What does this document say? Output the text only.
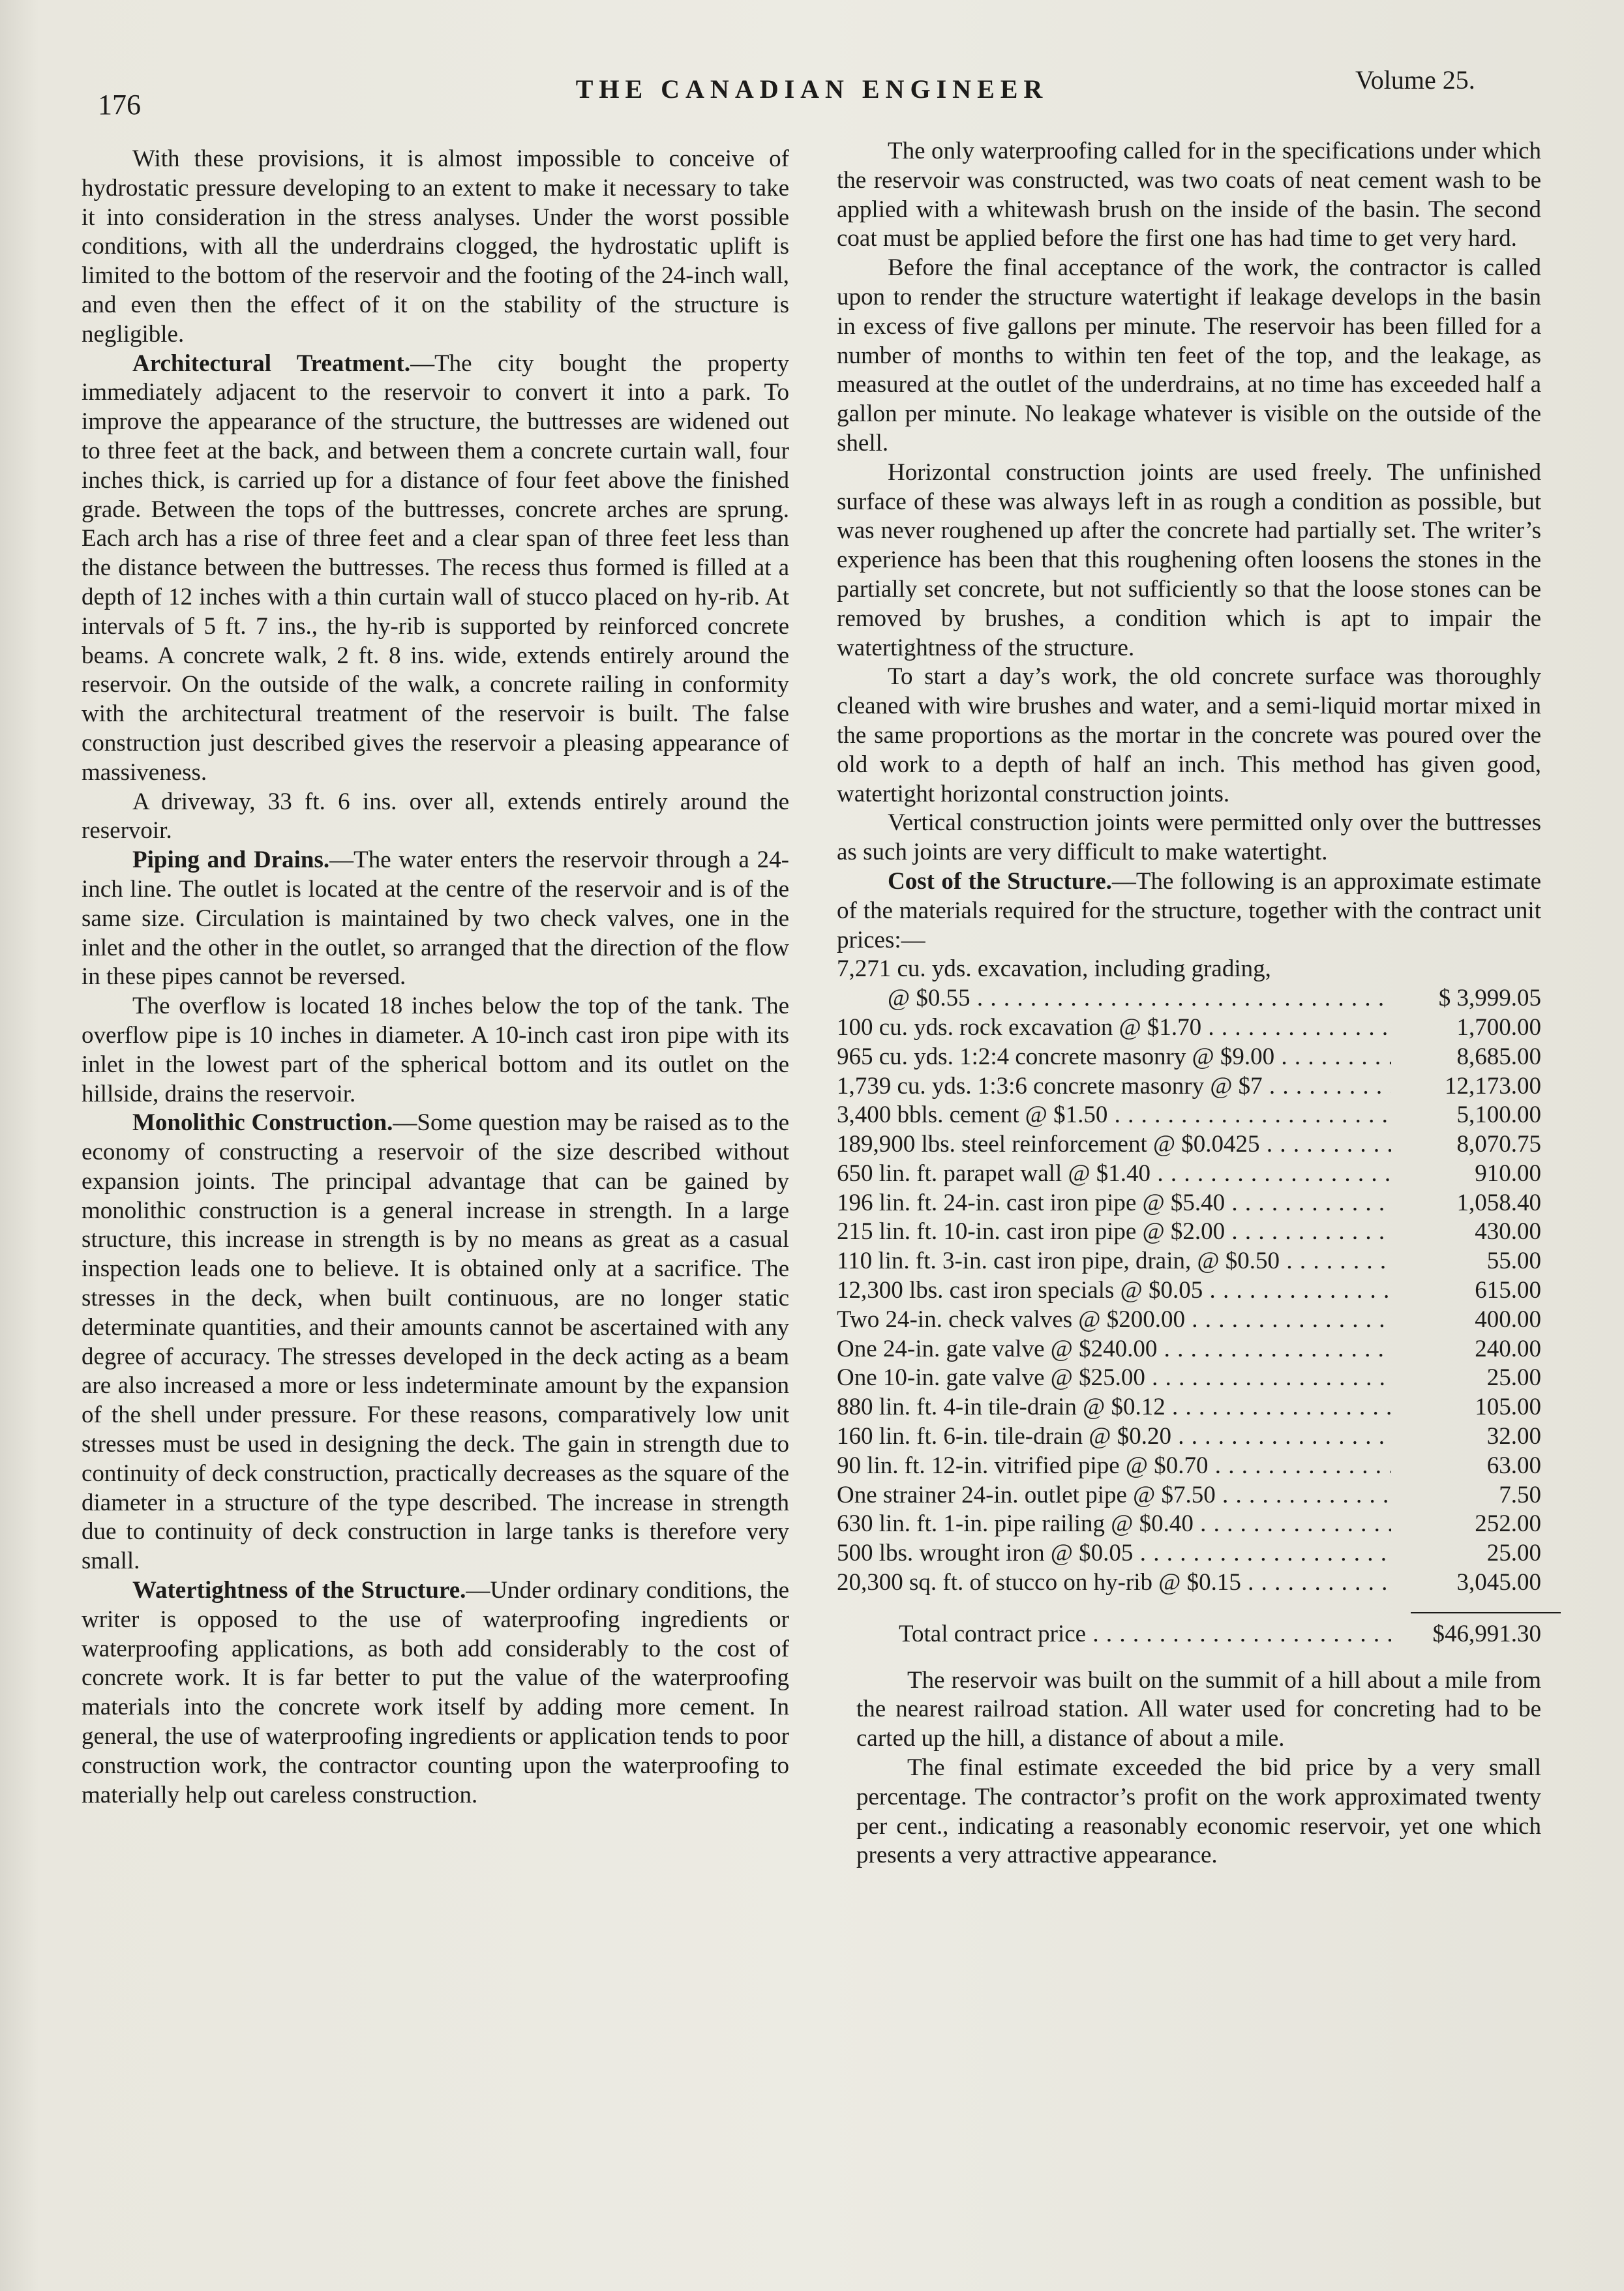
176	THE CANADIAN ENGINEER	Volume 25.

With these provisions, it is almost impossible to conceive of hydrostatic pressure developing to an extent to make it necessary to take it into consideration in the stress analyses. Under the worst possible conditions, with all the underdrains clogged, the hydrostatic uplift is limited to the bottom of the reservoir and the footing of the 24-inch wall, and even then the effect of it on the stability of the structure is negligible.

Architectural Treatment.—The city bought the property immediately adjacent to the reservoir to convert it into a park. To improve the appearance of the structure, the buttresses are widened out to three feet at the back, and between them a concrete curtain wall, four inches thick, is carried up for a distance of four feet above the finished grade. Between the tops of the buttresses, concrete arches are sprung. Each arch has a rise of three feet and a clear span of three feet less than the distance between the buttresses. The recess thus formed is filled at a depth of 12 inches with a thin curtain wall of stucco placed on hy-rib. At intervals of 5 ft. 7 ins., the hy-rib is supported by reinforced concrete beams. A concrete walk, 2 ft. 8 ins. wide, extends entirely around the reservoir. On the outside of the walk, a concrete railing in conformity with the architectural treatment of the reservoir is built. The false construction just described gives the reservoir a pleasing appearance of massiveness.

A driveway, 33 ft. 6 ins. over all, extends entirely around the reservoir.

Piping and Drains.—The water enters the reservoir through a 24-inch line. The outlet is located at the centre of the reservoir and is of the same size. Circulation is maintained by two check valves, one in the inlet and the other in the outlet, so arranged that the direction of the flow in these pipes cannot be reversed.

The overflow is located 18 inches below the top of the tank. The overflow pipe is 10 inches in diameter. A 10-inch cast iron pipe with its inlet in the lowest part of the spherical bottom and its outlet on the hillside, drains the reservoir.

Monolithic Construction.—Some question may be raised as to the economy of constructing a reservoir of the size described without expansion joints. The principal advantage that can be gained by monolithic construction is a general increase in strength. In a large structure, this increase in strength is by no means as great as a casual inspection leads one to believe. It is obtained only at a sacrifice. The stresses in the deck, when built continuous, are no longer static determinate quantities, and their amounts cannot be ascertained with any degree of accuracy. The stresses developed in the deck acting as a beam are also increased a more or less indeterminate amount by the expansion of the shell under pressure. For these reasons, comparatively low unit stresses must be used in designing the deck. The gain in strength due to continuity of deck construction, practically decreases as the square of the diameter in a structure of the type described. The increase in strength due to continuity of deck construction in large tanks is therefore very small.

Watertightness of the Structure.—Under ordinary conditions, the writer is opposed to the use of waterproofing ingredients or waterproofing applications, as both add considerably to the cost of concrete work. It is far better to put the value of the waterproofing materials into the concrete work itself by adding more cement. In general, the use of waterproofing ingredients or application tends to poor construction work, the contractor counting upon the waterproofing to materially help out careless construction.

The only waterproofing called for in the specifications under which the reservoir was constructed, was two coats of neat cement wash to be applied with a whitewash brush on the inside of the basin. The second coat must be applied before the first one has had time to get very hard.

Before the final acceptance of the work, the contractor is called upon to render the structure watertight if leakage develops in the basin in excess of five gallons per minute. The reservoir has been filled for a number of months to within ten feet of the top, and the leakage, as measured at the outlet of the underdrains, at no time has exceeded half a gallon per minute. No leakage whatever is visible on the outside of the shell.

Horizontal construction joints are used freely. The unfinished surface of these was always left in as rough a condition as possible, but was never roughened up after the concrete had partially set. The writer’s experience has been that this roughening often loosens the stones in the partially set concrete, but not sufficiently so that the loose stones can be removed by brushes, a condition which is apt to impair the watertightness of the structure.

To start a day’s work, the old concrete surface was thoroughly cleaned with wire brushes and water, and a semi-liquid mortar mixed in the same proportions as the mortar in the concrete was poured over the old work to a depth of half an inch. This method has given good, watertight horizontal construction joints.

Vertical construction joints were permitted only over the buttresses as such joints are very difficult to make watertight.

Cost of the Structure.—The following is an approximate estimate of the materials required for the structure, together with the contract unit prices:—

7,271 cu. yds. excavation, including grading,
@ $0.55 . . .	$ 3,999.05
100 cu. yds. rock excavation @ $1.70 . . .	1,700.00
965 cu. yds. 1:2:4 concrete masonry @ $9.00 . . .	8,685.00
1,739 cu. yds. 1:3:6 concrete masonry @ $7 . . .	12,173.00
3,400 bbls. cement @ $1.50 . . .	5,100.00
189,900 lbs. steel reinforcement @ $0.0425 . . .	8,070.75
650 lin. ft. parapet wall @ $1.40 . . .	910.00
196 lin. ft. 24-in. cast iron pipe @ $5.40 . . .	1,058.40
215 lin. ft. 10-in. cast iron pipe @ $2.00 . . .	430.00
110 lin. ft. 3-in. cast iron pipe, drain, @ $0.50 . . .	55.00
12,300 lbs. cast iron specials @ $0.05 . . .	615.00
Two 24-in. check valves @ $200.00 . . .	400.00
One 24-in. gate valve @ $240.00 . . .	240.00
One 10-in. gate valve @ $25.00 . . .	25.00
880 lin. ft. 4-in tile-drain @ $0.12 . . .	105.00
160 lin. ft. 6-in. tile-drain @ $0.20 . . .	32.00
90 lin. ft. 12-in. vitrified pipe @ $0.70 . . .	63.00
One strainer 24-in. outlet pipe @ $7.50 . . .	7.50
630 lin. ft. 1-in. pipe railing @ $0.40 . . .	252.00
500 lbs. wrought iron @ $0.05 . . .	25.00
20,300 sq. ft. of stucco on hy-rib @ $0.15 . . .	3,045.00
Total contract price . . .	$46,991.30

The reservoir was built on the summit of a hill about a mile from the nearest railroad station. All water used for concreting had to be carted up the hill, a distance of about a mile.

The final estimate exceeded the bid price by a very small percentage. The contractor’s profit on the work approximated twenty per cent., indicating a reasonably economic reservoir, yet one which presents a very attractive appearance.
